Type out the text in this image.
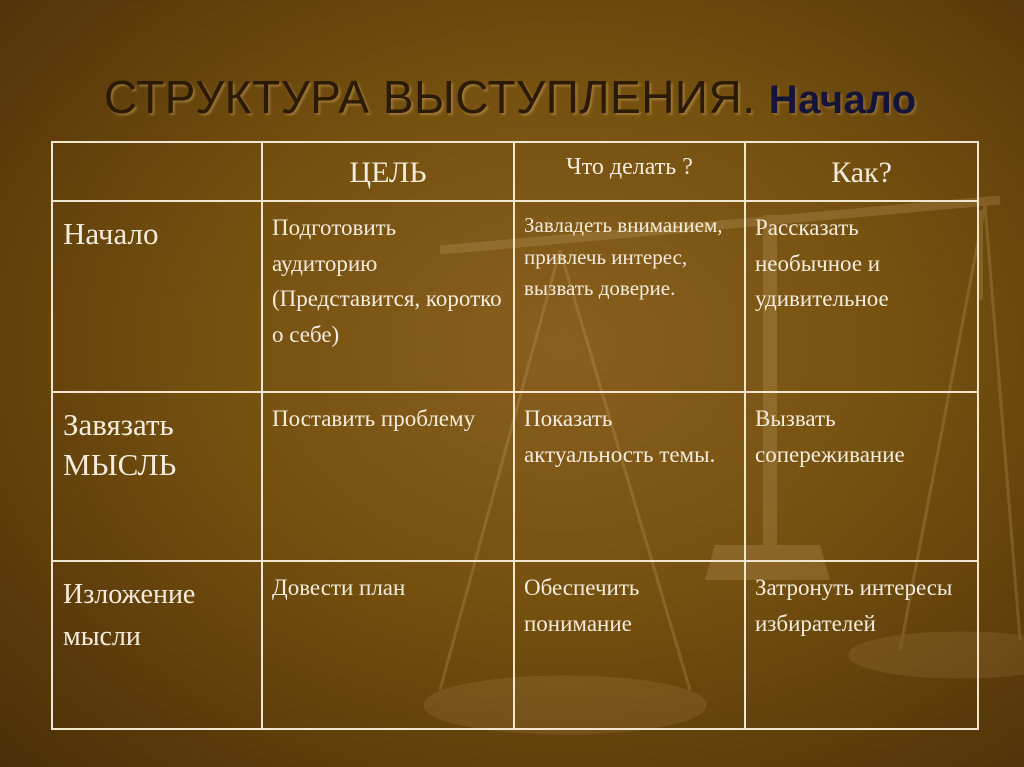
СТРУКТУРА ВЫСТУПЛЕНИЯ. Начало

	ЦЕЛЬ	Что делать ?	Как?

Начало	Подготовить аудиторию (Представится, коротко о себе)	Завладеть вниманием, привлечь интерес, вызвать доверие.	Рассказать необычное и удивительное

Завязать МЫСЛЬ	Поставить проблему	Показать актуальность темы.	Вызвать сопереживание

Изложение мысли	Довести план	Обеспечить понимание	Затронуть интересы избирателей
